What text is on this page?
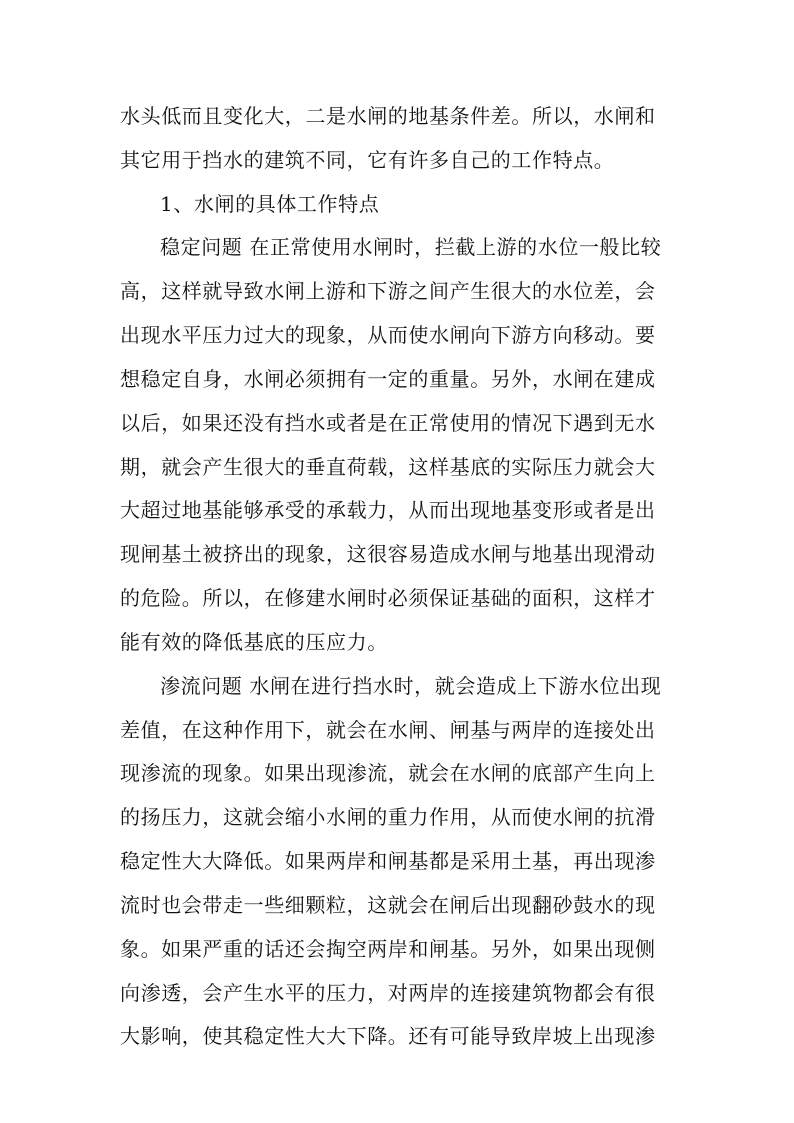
水头低而且变化大，二是水闸的地基条件差。所以，水闸和
其它用于挡水的建筑不同，它有许多自己的工作特点。
1、水闸的具体工作特点
稳定问题 在正常使用水闸时，拦截上游的水位一般比较
高，这样就导致水闸上游和下游之间产生很大的水位差，会
出现水平压力过大的现象，从而使水闸向下游方向移动。要
想稳定自身，水闸必须拥有一定的重量。另外，水闸在建成
以后，如果还没有挡水或者是在正常使用的情况下遇到无水
期，就会产生很大的垂直荷载，这样基底的实际压力就会大
大超过地基能够承受的承载力，从而出现地基变形或者是出
现闸基土被挤出的现象，这很容易造成水闸与地基出现滑动
的危险。所以，在修建水闸时必须保证基础的面积，这样才
能有效的降低基底的压应力。
渗流问题 水闸在进行挡水时，就会造成上下游水位出现
差值，在这种作用下，就会在水闸、闸基与两岸的连接处出
现渗流的现象。如果出现渗流，就会在水闸的底部产生向上
的扬压力，这就会缩小水闸的重力作用，从而使水闸的抗滑
稳定性大大降低。如果两岸和闸基都是采用土基，再出现渗
流时也会带走一些细颗粒，这就会在闸后出现翻砂鼓水的现
象。如果严重的话还会掏空两岸和闸基。另外，如果出现侧
向渗透，会产生水平的压力，对两岸的连接建筑物都会有很
大影响，使其稳定性大大下降。还有可能导致岸坡上出现渗
